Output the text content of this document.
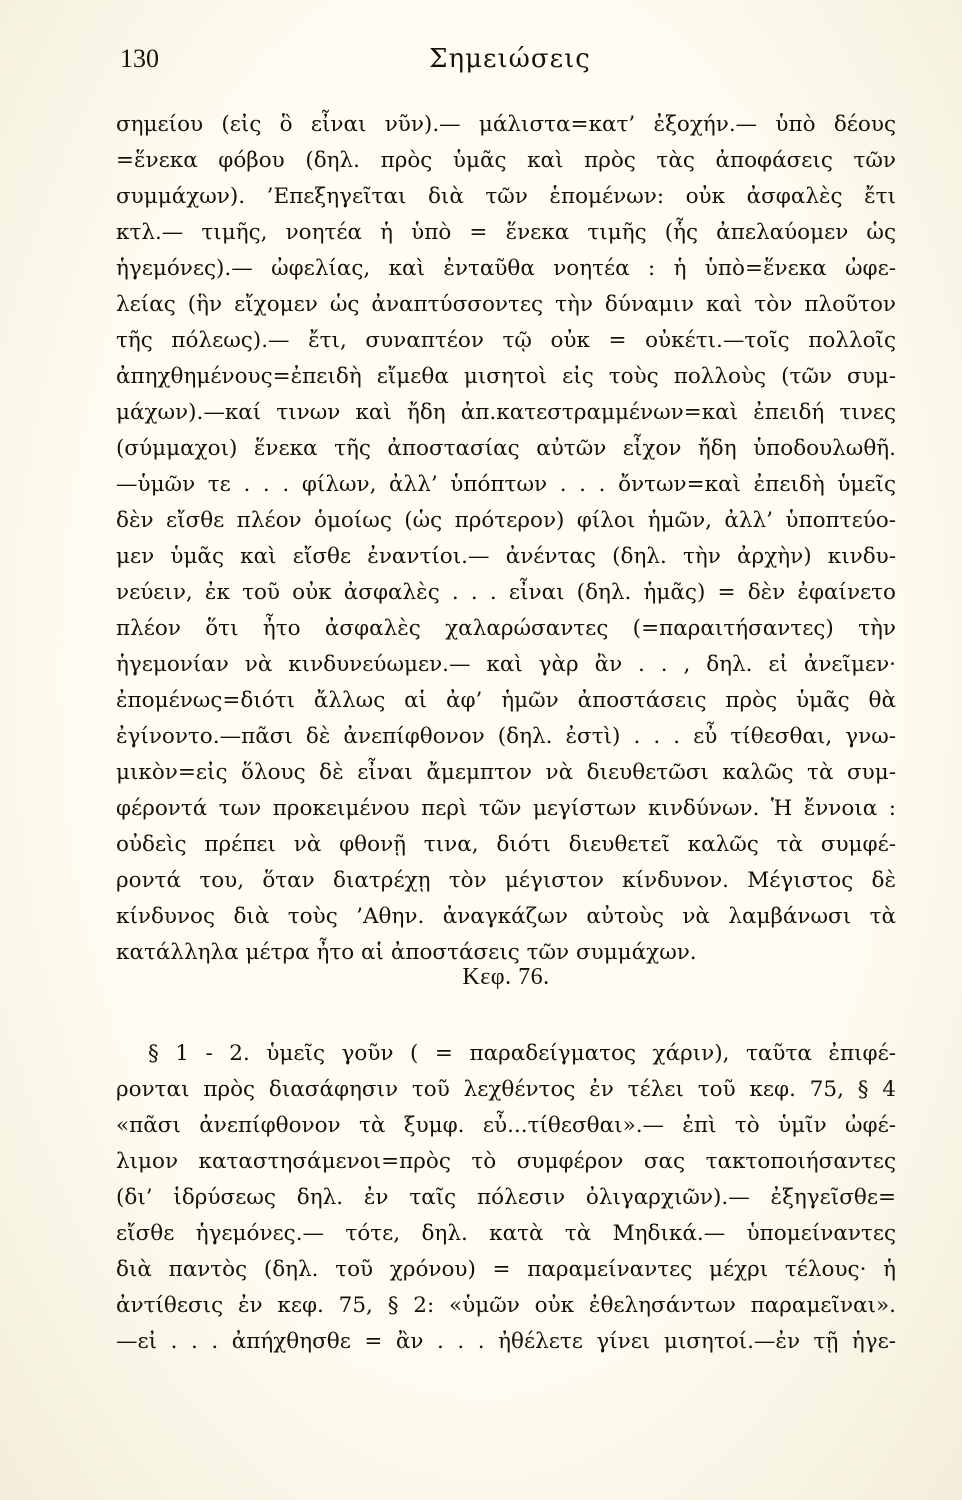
130	Σημειώσεις
σημείου (εἰς ὃ εἶναι νῦν).— μάλιστα=κατ’ ἐξοχήν.— ὑπὸ δέους
=ἕνεκα φόβου (δηλ. πρὸς ὑμᾶς καὶ πρὸς τὰς ἀποφάσεις τῶν
συμμάχων). ’Επεξηγεῖται διὰ τῶν ἑπομένων: οὐκ ἀσφαλὲς ἔτι
κτλ.— τιμῆς, νοητέα ἡ ὑπὸ = ἕνεκα τιμῆς (ἧς ἀπελαύομεν ὡς
ἡγεμόνες).— ὠφελίας, καὶ ἐνταῦθα νοητέα : ἡ ὑπὸ=ἕνεκα ὠφε-
λείας (ἣν εἴχομεν ὡς ἀναπτύσσοντες τὴν δύναμιν καὶ τὸν πλοῦτον
τῆς πόλεως).— ἔτι, συναπτέον τῷ οὐκ = οὐκέτι.—τοῖς πολλοῖς
ἀπηχθημένους=ἐπειδὴ εἴμεθα μισητοὶ εἰς τοὺς πολλοὺς (τῶν συμ-
μάχων).—καί τινων καὶ ἤδη ἀπ.κατεστραμμένων=καὶ ἐπειδή τινες
(σύμμαχοι) ἕνεκα τῆς ἀποστασίας αὐτῶν εἶχον ἤδη ὑποδουλωθῆ.
—ὑμῶν τε . . . φίλων, ἀλλ’ ὑπόπτων . . . ὄντων=καὶ ἐπειδὴ ὑμεῖς
δὲν εἴσθε πλέον ὁμοίως (ὡς πρότερον) φίλοι ἡμῶν, ἀλλ’ ὑποπτεύο-
μεν ὑμᾶς καὶ εἴσθε ἐναντίοι.— ἀνέντας (δηλ. τὴν ἀρχὴν) κινδυ-
νεύειν, ἐκ τοῦ οὐκ ἀσφαλὲς . . . εἶναι (δηλ. ἡμᾶς) = δὲν ἐφαίνετο
πλέον ὅτι ἦτο ἀσφαλὲς χαλαρώσαντες (=παραιτήσαντες) τὴν
ἡγεμονίαν νὰ κινδυνεύωμεν.— καὶ γὰρ ἂν . . , δηλ. εἰ ἀνεῖμεν·
ἐπομένως=διότι ἄλλως αἱ ἀφ’ ἡμῶν ἀποστάσεις πρὸς ὑμᾶς θὰ
ἐγίνοντο.—πᾶσι δὲ ἀνεπίφθονον (δηλ. ἐστὶ) . . . εὖ τίθεσθαι, γνω-
μικὸν=εἰς ὅλους δὲ εἶναι ἄμεμπτον νὰ διευθετῶσι καλῶς τὰ συμ-
φέροντά των προκειμένου περὶ τῶν μεγίστων κινδύνων. Ἡ ἔννοια :
οὐδεὶς πρέπει νὰ φθονῇ τινα, διότι διευθετεῖ καλῶς τὰ συμφέ-
ροντά του, ὅταν διατρέχῃ τὸν μέγιστον κίνδυνον. Μέγιστος δὲ
κίνδυνος διὰ τοὺς ’Αθην. ἀναγκάζων αὐτοὺς νὰ λαμβάνωσι τὰ
κατάλληλα μέτρα ἦτο αἱ ἀποστάσεις τῶν συμμάχων.
Κεφ. 76.
§ 1 - 2. ὑμεῖς γοῦν ( = παραδείγματος χάριν), ταῦτα ἐπιφέ-
ρονται πρὸς διασάφησιν τοῦ λεχθέντος ἐν τέλει τοῦ κεφ. 75, § 4
«πᾶσι ἀνεπίφθονον τὰ ξυμφ. εὖ...τίθεσθαι».— ἐπὶ τὸ ὑμῖν ὠφέ-
λιμον καταστησάμενοι=πρὸς τὸ συμφέρον σας τακτοποιήσαντες
(δι’ ἱδρύσεως δηλ. ἐν ταῖς πόλεσιν ὀλιγαρχιῶν).— ἐξηγεῖσθε=
εἴσθε ἡγεμόνες.— τότε, δηλ. κατὰ τὰ Μηδικά.— ὑπομείναντες
διὰ παντὸς (δηλ. τοῦ χρόνου) = παραμείναντες μέχρι τέλους· ἡ
ἀντίθεσις ἐν κεφ. 75, § 2: «ὑμῶν οὐκ ἐθελησάντων παραμεῖναι».
—εἰ . . . ἀπήχθησθε = ἂν . . . ἠθέλετε γίνει μισητοί.—ἐν τῇ ἡγε-
